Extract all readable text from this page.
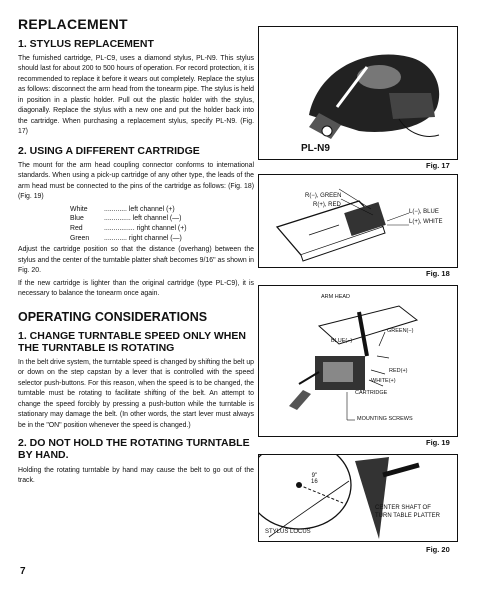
REPLACEMENT
1. STYLUS REPLACEMENT

The furnished cartridge, PL-C9, uses a diamond stylus, PL-N9. This stylus should last for about 200 to 500 hours of operation. For record protection, it is recommended to replace it before it wears out completely. Replace the stylus as follows: disconnect the arm head from the tonearm pipe. The stylus is held in position in a plastic holder. Pull out the plastic holder with the stylus, diagonally. Replace the stylus with a new one and put the holder back into the cartridge. When purchasing a replacement stylus, specify PL-N9. (Fig. 17)

2. USING A DIFFERENT CARTRIDGE

The mount for the arm head coupling connector conforms to international standards. When using a pick-up cartridge of any other type, the leads of the arm head must be connected to the pins of the cartridge as follows: (Fig. 18) (Fig. 19)

White ............ left channel (+)
Blue	.............. left channel (—)
Red	................ right channel (+)
Green ............ right channel (—)

Adjust the cartridge position so that the distance (overhang) between the stylus and the center of the turntable platter shaft becomes 9/16" as shown in Fig. 20.

If the new cartridge is lighter than the original cartridge (type PL-C9), it is necessary to balance the tonearm once again.

OPERATING CONSIDERATIONS
1. CHANGE TURNTABLE SPEED ONLY WHEN THE TURNTABLE IS ROTATING

In the belt drive system, the turntable speed is changed by shifting the belt up or down on the step capstan by a lever that is controlled with the speed selector push-buttons. For this reason, when the speed is to be changed, the turntable must be rotating to facilitate shifting of the belt. An attempt to change the speed forcibly by pressing a push-button while the turntable is stationary may damage the belt. (In other words, the start lever must always be in the "ON" position whenever the speed is changed.)

2. DO NOT HOLD THE ROTATING TURNTABLE BY HAND.

Holding the rotating turntable by hand may cause the belt to go out of the track.

PL-N9
Fig. 17
R(−), GREEN
R(+), RED
L(−), BLUE
L(+), WHITE
Fig. 18
ARM HEAD
GREEN(−)
BLUE(−)
RED(+)
WHITE(+)
CARTRIDGE
MOUNTING SCREWS
Fig. 19
9"
16
CENTER SHAFT OF
TURN TABLE PLATTER
STYLUS LOCUS
Fig. 20
7
